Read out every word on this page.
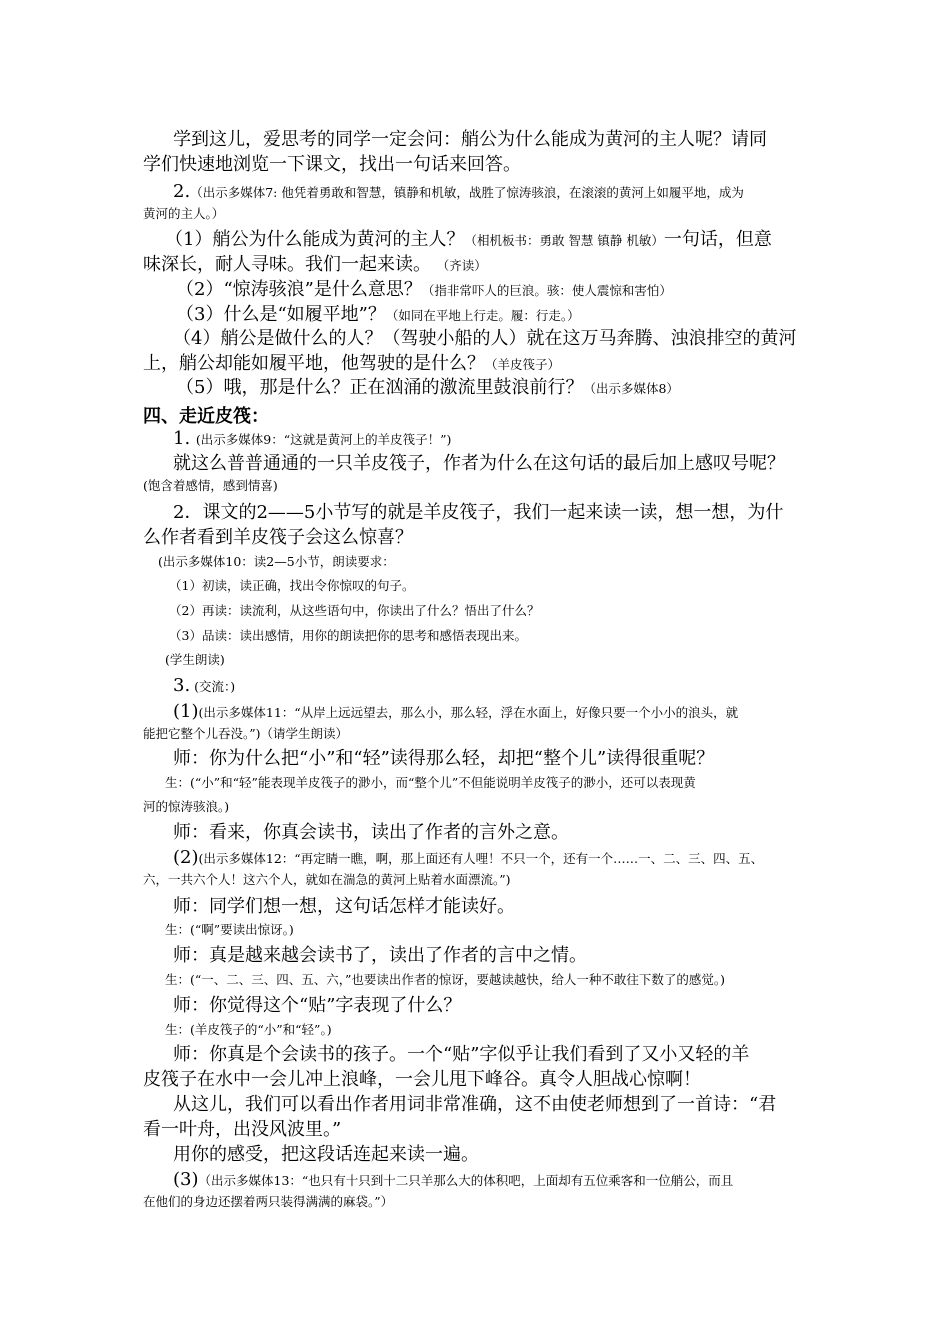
学到这儿，爱思考的同学一定会问：艄公为什么能成为黄河的主人呢？请同
学们快速地浏览一下课文，找出一句话来回答。
2.（出示多媒体7: 他凭着勇敢和智慧，镇静和机敏，战胜了惊涛骇浪，在滚滚的黄河上如履平地，成为
黄河的主人。）
（1）艄公为什么能成为黄河的主人？（相机板书：勇敢 智慧 镇静 机敏）一句话，但意
味深长，耐人寻味。我们一起来读。 （齐读）
（2）“惊涛骇浪”是什么意思？（指非常吓人的巨浪。骇：使人震惊和害怕）
（3）什么是“如履平地”？（如同在平地上行走。履：行走。）
（4）艄公是做什么的人？（驾驶小船的人）就在这万马奔腾、浊浪排空的黄河
上，艄公却能如履平地，他驾驶的是什么？（羊皮筏子）
（5）哦，那是什么？正在汹涌的激流里鼓浪前行？（出示多媒体8）
四、走近皮筏：
1. (出示多媒体9：“这就是黄河上的羊皮筏子！”)
就这么普普通通的一只羊皮筏子，作者为什么在这句话的最后加上感叹号呢？
(饱含着感情，感到情喜)
2．课文的2——5小节写的就是羊皮筏子，我们一起来读一读，想一想，为什
么作者看到羊皮筏子会这么惊喜？
(出示多媒体10：读2—5小节，朗读要求：
（1）初读，读正确，找出令你惊叹的句子。
（2）再读：读流利，从这些语句中，你读出了什么？悟出了什么？
（3）品读：读出感情，用你的朗读把你的思考和感悟表现出来。
(学生朗读)
3. (交流：)
(1)(出示多媒体11：“从岸上远远望去，那么小，那么轻，浮在水面上，好像只要一个小小的浪头，就
能把它整个儿吞没。”)（请学生朗读）
师：你为什么把“小”和“轻”读得那么轻，却把“整个儿”读得很重呢？
生：(“小”和“轻”能表现羊皮筏子的渺小，而“整个儿”不但能说明羊皮筏子的渺小，还可以表现黄
河的惊涛骇浪。)
师：看来，你真会读书，读出了作者的言外之意。
(2)(出示多媒体12：“再定睛一瞧，啊，那上面还有人哩！不只一个，还有一个……一、二、三、四、五、
六，一共六个人！这六个人，就如在湍急的黄河上贴着水面漂流。”)
师：同学们想一想，这句话怎样才能读好。
生：(“啊”要读出惊讶。)
师：真是越来越会读书了，读出了作者的言中之情。
生：(“一、二、三、四、五、六，”也要读出作者的惊讶，要越读越快，给人一种不敢往下数了的感觉。)
师：你觉得这个“贴”字表现了什么？
生：(羊皮筏子的“小”和“轻”。)
师：你真是个会读书的孩子。一个“贴”字似乎让我们看到了又小又轻的羊
皮筏子在水中一会儿冲上浪峰，一会儿甩下峰谷。真令人胆战心惊啊！
从这儿，我们可以看出作者用词非常准确，这不由使老师想到了一首诗：“君
看一叶舟，出没风波里。”
用你的感受，把这段话连起来读一遍。
(3)（出示多媒体13：“也只有十只到十二只羊那么大的体积吧，上面却有五位乘客和一位艄公，而且
在他们的身边还摆着两只装得满满的麻袋。”）
